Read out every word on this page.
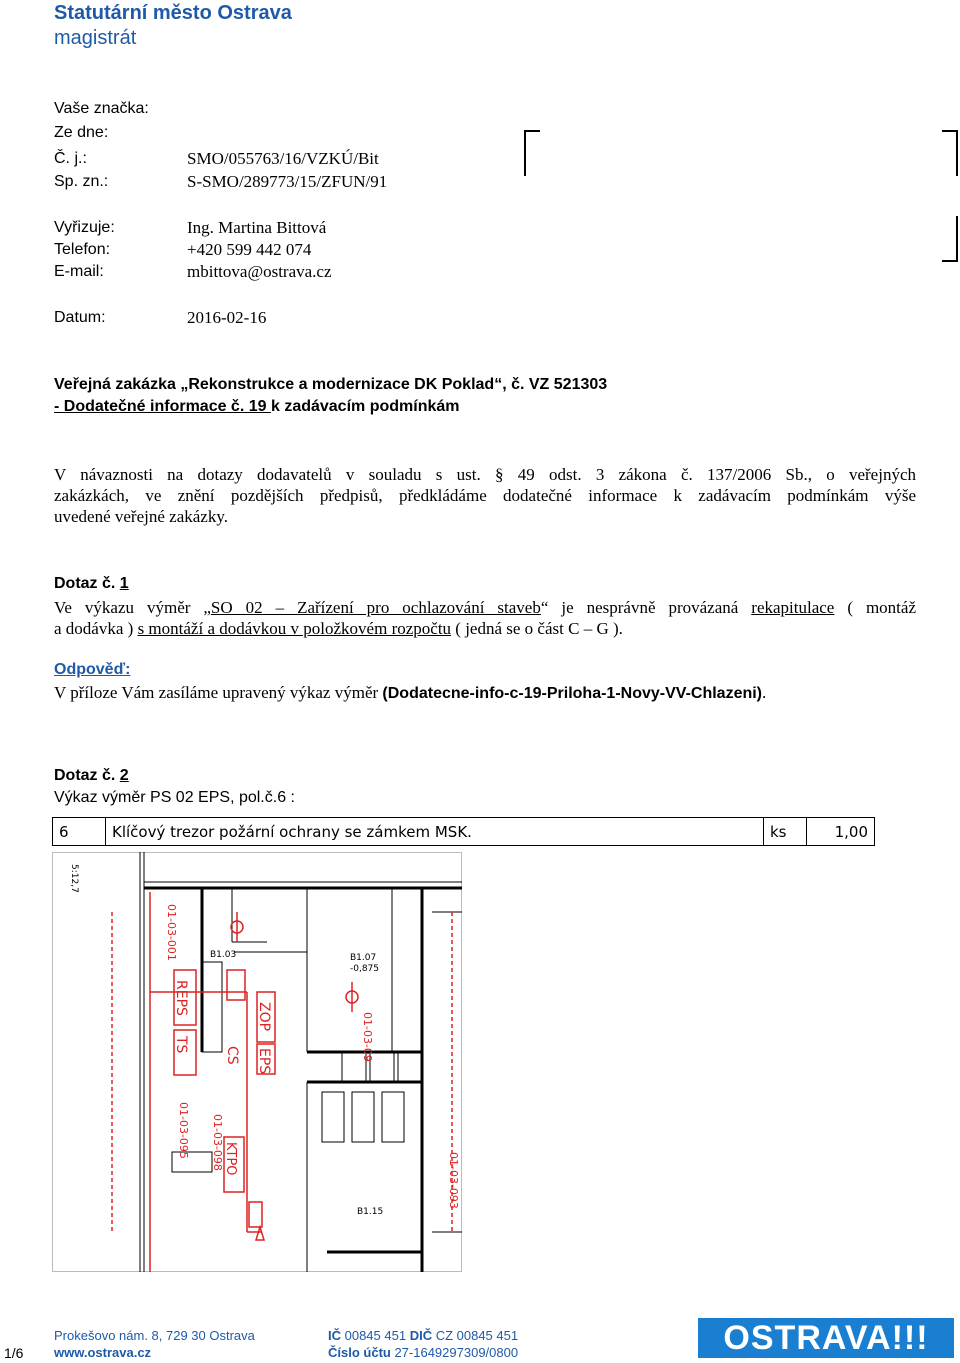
Statutární město Ostrava
magistrát
Vaše značka:
Ze dne:
Č. j.:	SMO/055763/16/VZKÚ/Bit
Sp. zn.:	S-SMO/289773/15/ZFUN/91
Vyřizuje:	Ing. Martina Bittová
Telefon:	+420 599 442 074
E-mail:	mbittova@ostrava.cz
Datum:	2016-02-16
Veřejná zakázka „Rekonstrukce a modernizace DK Poklad“, č. VZ 521303
- Dodatečné informace č. 19 k zadávacím podmínkám
V návaznosti na dotazy dodavatelů v souladu s ust. § 49 odst. 3 zákona č. 137/2006 Sb., o veřejných
zakázkách, ve znění pozdějších předpisů, předkládáme dodatečné informace k zadávacím podmínkám výše
uvedené veřejné zakázky.
Dotaz č. 1
Ve výkazu výměr „SO 02 – Zařízení pro ochlazování staveb“ je nesprávně provázaná rekapitulace ( montáž
a dodávka ) s montáží a dodávkou v položkovém rozpočtu ( jedná se o část C – G ).
Odpověď:
V příloze Vám zasíláme upravený výkaz výměr (Dodatecne-info-c-19-Priloha-1-Novy-VV-Chlazeni).
Dotaz č. 2
Výkaz výměr PS 02 EPS, pol.č.6 :
6	Klíčový trezor požární ochrany se zámkem MSK.	ks	1,00
01-03-001
01-03-098
01-03-095
01-03-093
01-03-09
REPS
ZOP
EPS
TS
CS
KTPO
B1.03	B1.07
-0,875
B1.15
5:12,7
1/6
Prokešovo nám. 8, 729 30 Ostrava
www.ostrava.cz
IČ 00845 451 DIČ CZ 00845 451
Číslo účtu 27-1649297309/0800	OSTRAVA!!!
